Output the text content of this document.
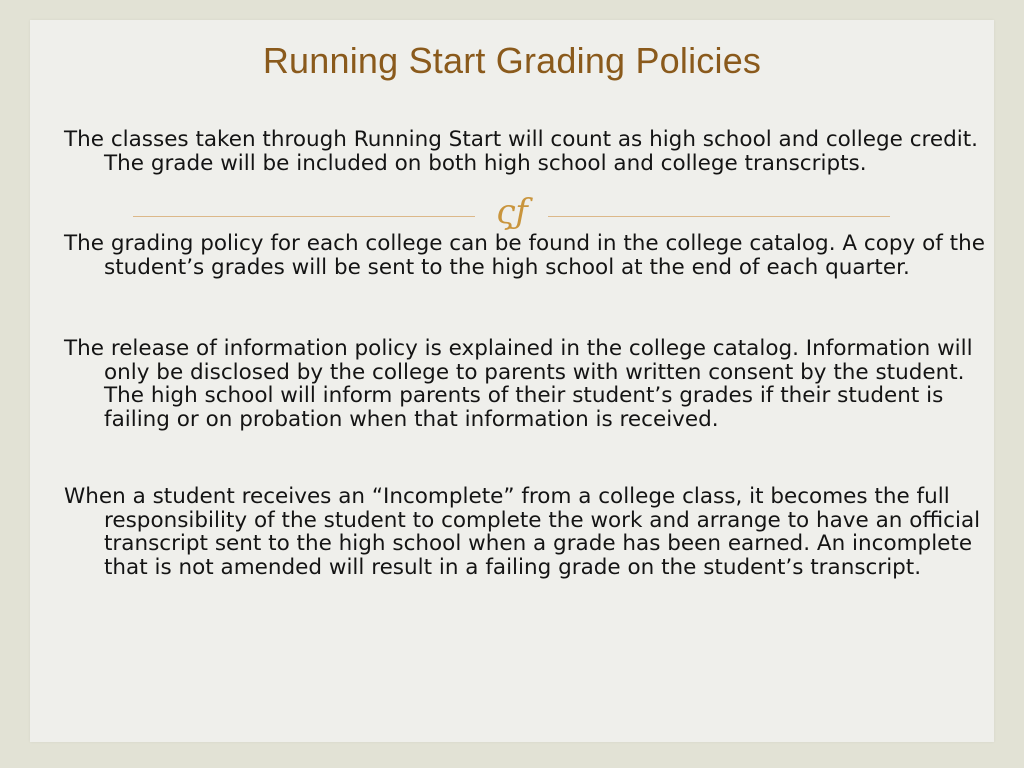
Running Start Grading Policies

The classes taken through Running Start will count as high school and college credit. The grade will be included on both high school and college transcripts.

ςƒ

The grading policy for each college can be found in the college catalog. A copy of the student’s grades will be sent to the high school at the end of each quarter.

The release of information policy is explained in the college catalog. Information will only be disclosed by the college to parents with written consent by the student. The high school will inform parents of their student’s grades if their student is failing or on probation when that information is received.

When a student receives an “Incomplete” from a college class, it becomes the full responsibility of the student to complete the work and arrange to have an official transcript sent to the high school when a grade has been earned. An incomplete that is not amended will result in a failing grade on the student’s transcript.
